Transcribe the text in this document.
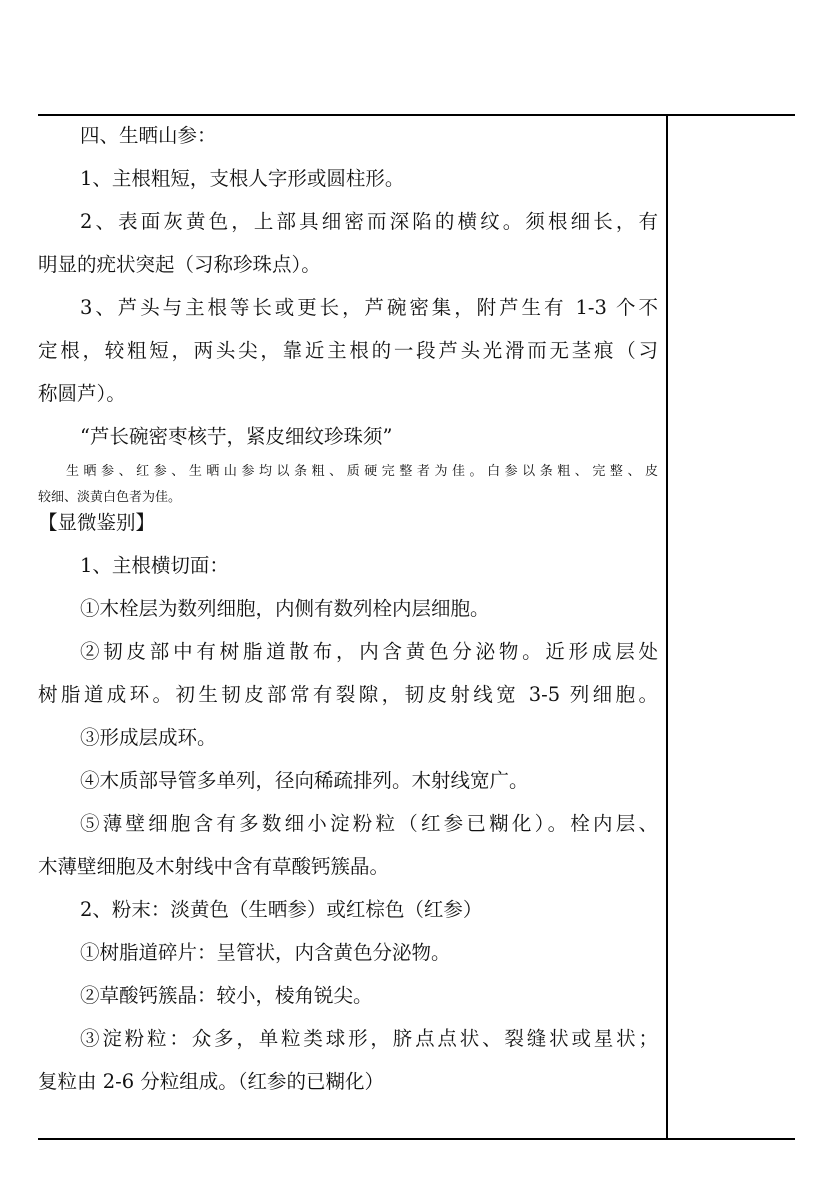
四、生晒山参：
1、主根粗短，支根人字形或圆柱形。
2、表面灰黄色，上部具细密而深陷的横纹。须根细长，有
明显的疣状突起（习称珍珠点）。
3、芦头与主根等长或更长，芦碗密集，附芦生有 1-3 个不
定根，较粗短，两头尖，靠近主根的一段芦头光滑而无茎痕（习
称圆芦）。
“芦长碗密枣核艼，紧皮细纹珍珠须”
生晒参、红参、生晒山参均以条粗、质硬完整者为佳。白参以条粗、完整、皮
较细、淡黄白色者为佳。
【显微鉴别】
1、主根横切面：
①木栓层为数列细胞，内侧有数列栓内层细胞。
②韧皮部中有树脂道散布，内含黄色分泌物。近形成层处
树脂道成环。初生韧皮部常有裂隙，韧皮射线宽 3-5 列细胞。
③形成层成环。
④木质部导管多单列，径向稀疏排列。木射线宽广。
⑤薄壁细胞含有多数细小淀粉粒（红参已糊化）。栓内层、
木薄壁细胞及木射线中含有草酸钙簇晶。
2、粉末：淡黄色（生晒参）或红棕色（红参）
①树脂道碎片：呈管状，内含黄色分泌物。
②草酸钙簇晶：较小，棱角锐尖。
③淀粉粒：众多，单粒类球形，脐点点状、裂缝状或星状；
复粒由 2-6 分粒组成。（红参的已糊化）
